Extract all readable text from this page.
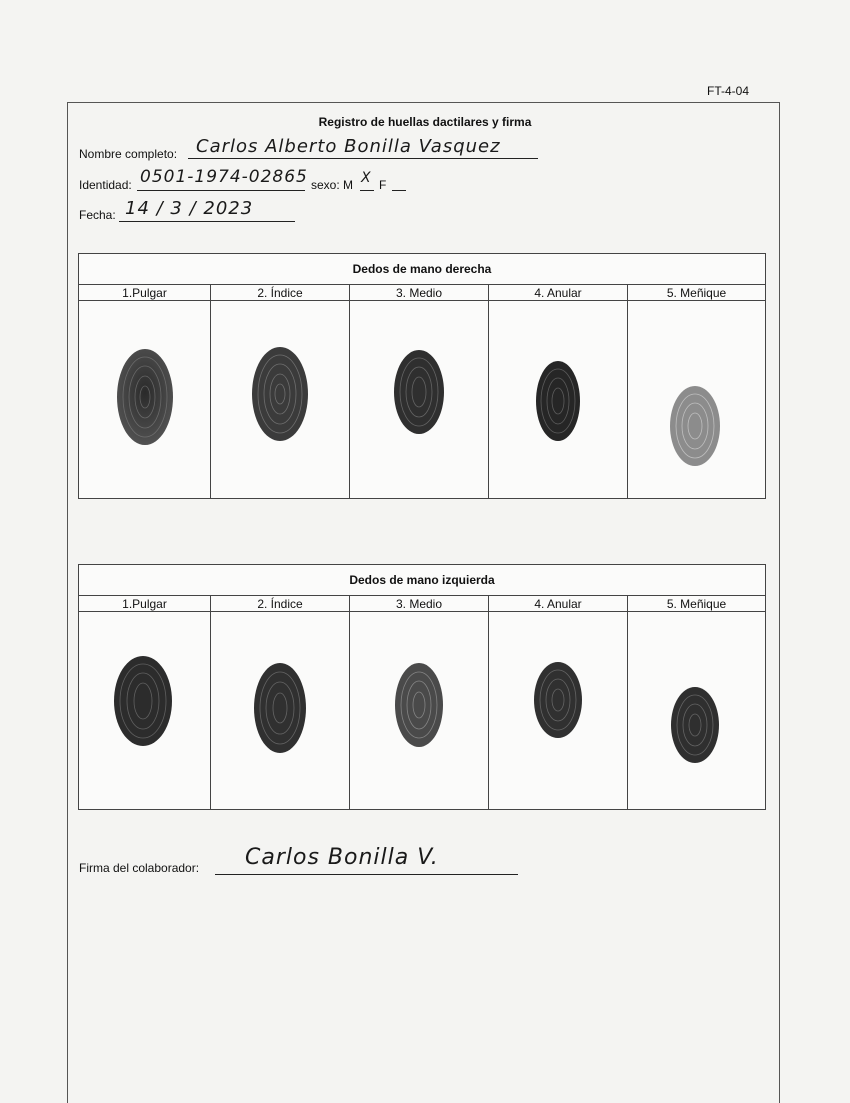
FT-4-04
Registro de huellas dactilares y firma
Nombre completo: Carlos Alberto Bonilla Vasquez
Identidad: 0501-1974-02865 sexo: M X F
Fecha: 14 / 3 / 2023
Dedos de mano derecha				
1.Pulgar	2. Índice	3. Medio	4. Anular	5. Meñique

Dedos de mano izquierda				
1.Pulgar	2. Índice	3. Medio	4. Anular	5. Meñique

Firma del colaborador: Carlos Bonilla V.
